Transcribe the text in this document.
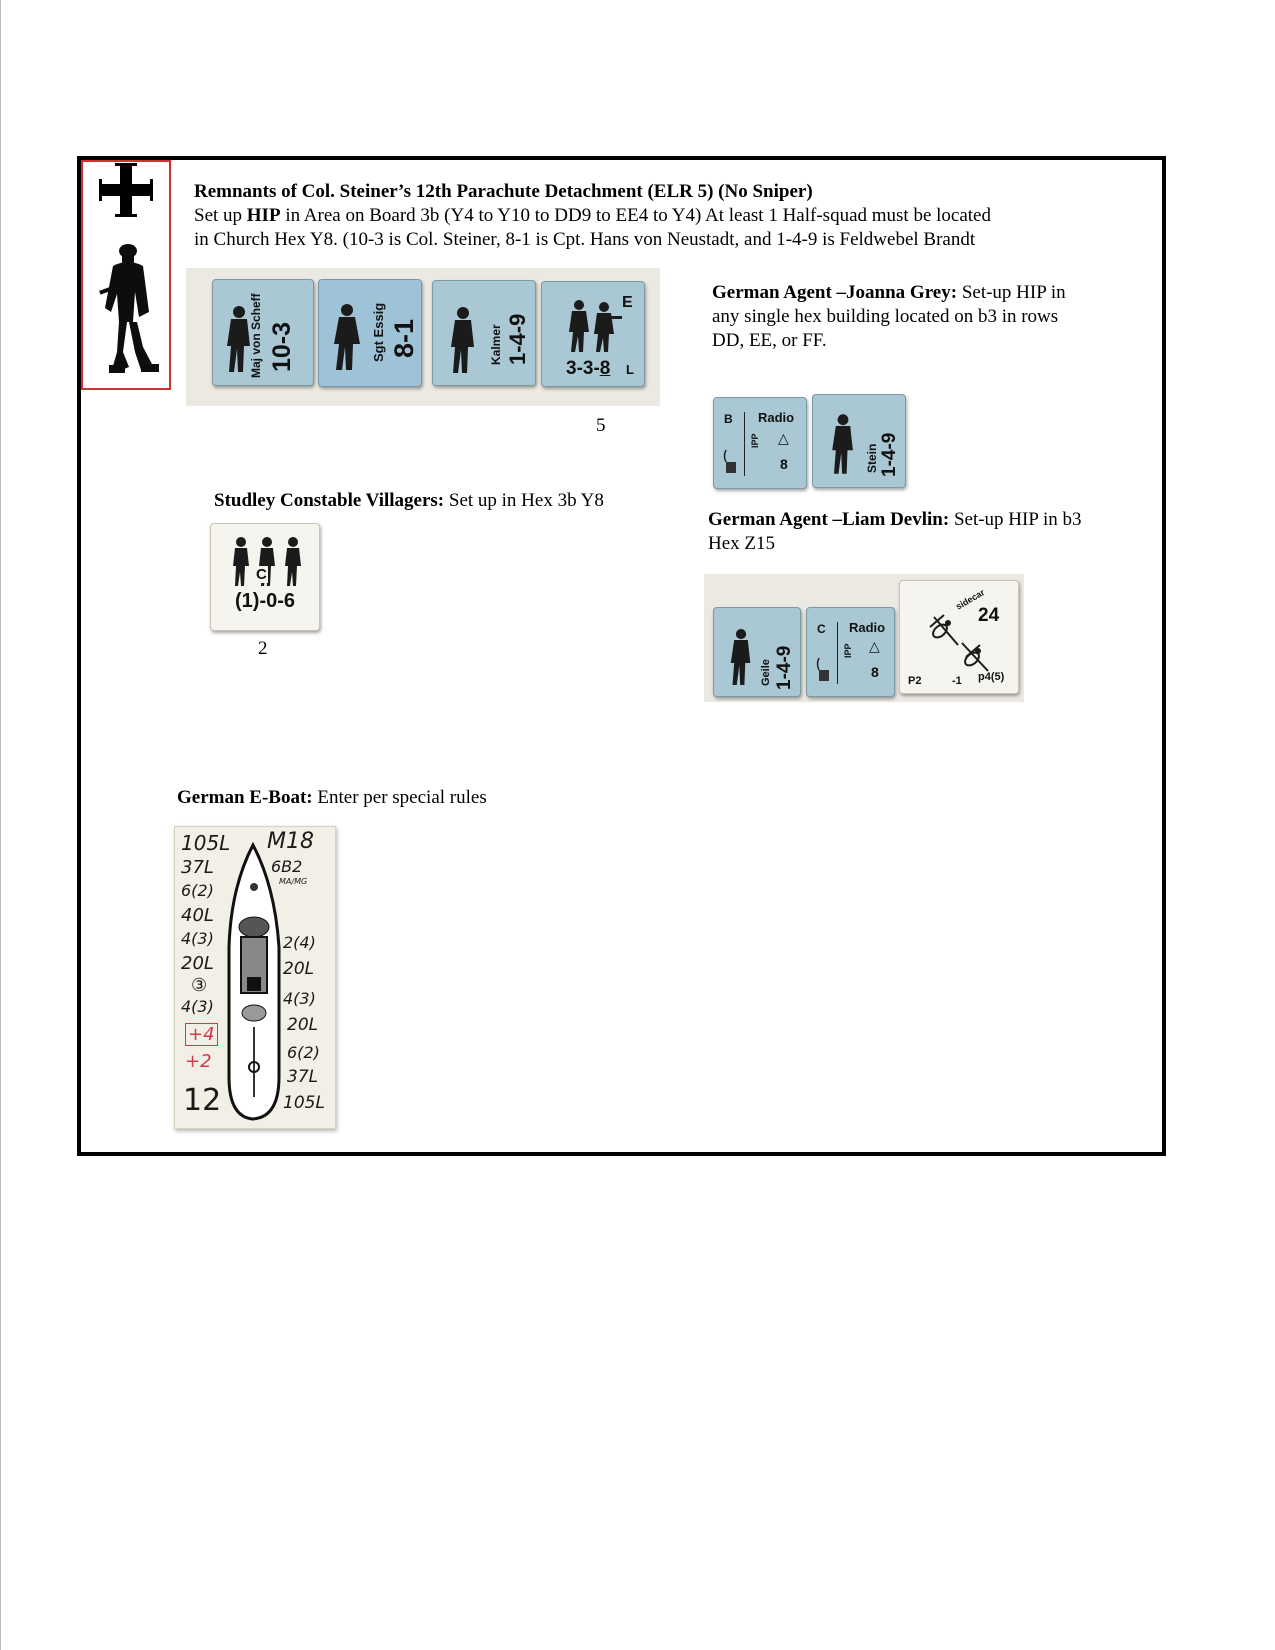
Remnants of Col. Steiner’s 12th Parachute Detachment (ELR 5) (No Sniper)
Set up HIP in Area on Board 3b (Y4 to Y10 to DD9 to EE4 to Y4) At least 1 Half-squad must be located
in Church Hex Y8. (10-3 is Col. Steiner, 8-1 is Cpt. Hans von Neustadt, and 1-4-9 is Feldwebel Brandt
Maj von Scheff 10-3	Sgt Essig 8-1	Kalmer 1-4-9
E
3-3-8 L
5
Studley Constable Villagers: Set up in Hex 3b Y8
C
(1)-0-6
2
German Agent –Joanna Grey: Set-up HIP in
any single hex building located on b3 in rows
DD, EE, or FF.
B Radio
IPP △
8	Stein 1-4-9
German Agent –Liam Devlin: Set-up HIP in b3
Hex Z15
Geile 1-4-9
C Radio
IPP △
8
24
sidecar
P2	-1 p4(5)
German E-Boat: Enter per special rules
105L M18
37L	6B2
MA/MG
6(2)
40L
4(3)
20L
③
4(3)
2(4)
20L
4(3)
20L
+4
+2
12
6(2)
37L
105L
